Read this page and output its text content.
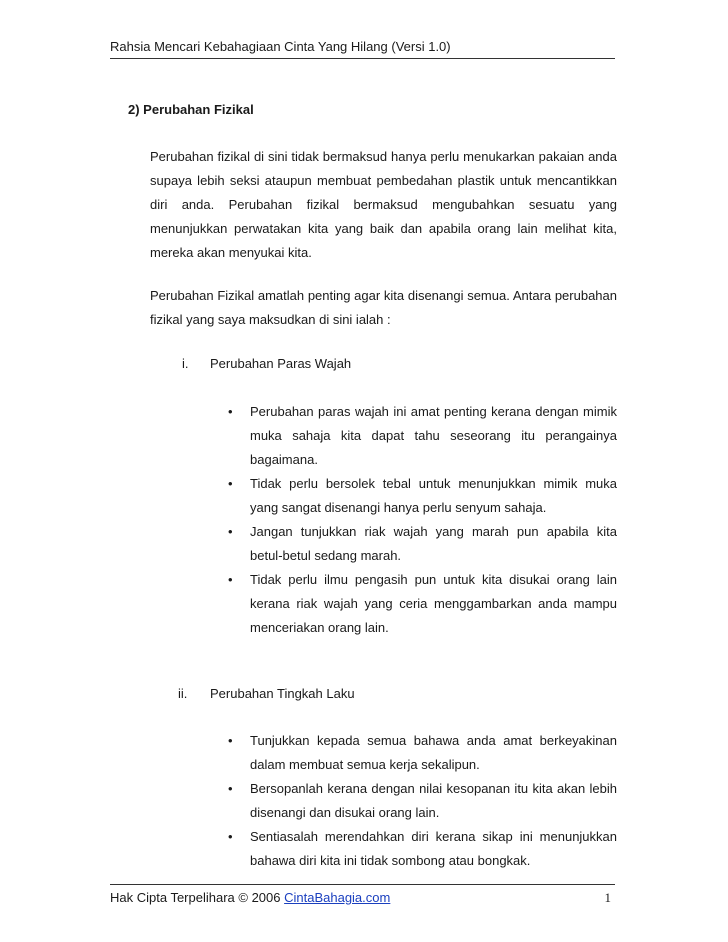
Rahsia Mencari Kebahagiaan Cinta Yang Hilang (Versi 1.0)
2) Perubahan Fizikal

Perubahan fizikal di sini tidak bermaksud hanya perlu menukarkan pakaian anda supaya lebih seksi ataupun membuat pembedahan plastik untuk mencantikkan diri anda. Perubahan fizikal bermaksud mengubahkan sesuatu yang menunjukkan perwatakan kita yang baik dan apabila orang lain melihat kita, mereka akan menyukai kita.

Perubahan Fizikal amatlah penting agar kita disenangi semua. Antara perubahan fizikal yang saya maksudkan di sini ialah :

i. Perubahan Paras Wajah
•	Perubahan paras wajah ini amat penting kerana dengan mimik muka sahaja kita dapat tahu seseorang itu perangainya bagaimana.
•	Tidak perlu bersolek tebal untuk menunjukkan mimik muka yang sangat disenangi hanya perlu senyum sahaja.
•	Jangan tunjukkan riak wajah yang marah pun apabila kita betul-betul sedang marah.
•	Tidak perlu ilmu pengasih pun untuk kita disukai orang lain kerana riak wajah yang ceria menggambarkan anda mampu menceriakan orang lain.
ii. Perubahan Tingkah Laku
•	Tunjukkan kepada semua bahawa anda amat berkeyakinan dalam membuat semua kerja sekalipun.
•	Bersopanlah kerana dengan nilai kesopanan itu kita akan lebih disenangi dan disukai orang lain.
•	Sentiasalah merendahkan diri kerana sikap ini menunjukkan bahawa diri kita ini tidak sombong atau bongkak.
Hak Cipta Terpelihara © 2006 CintaBahagia.com	1
